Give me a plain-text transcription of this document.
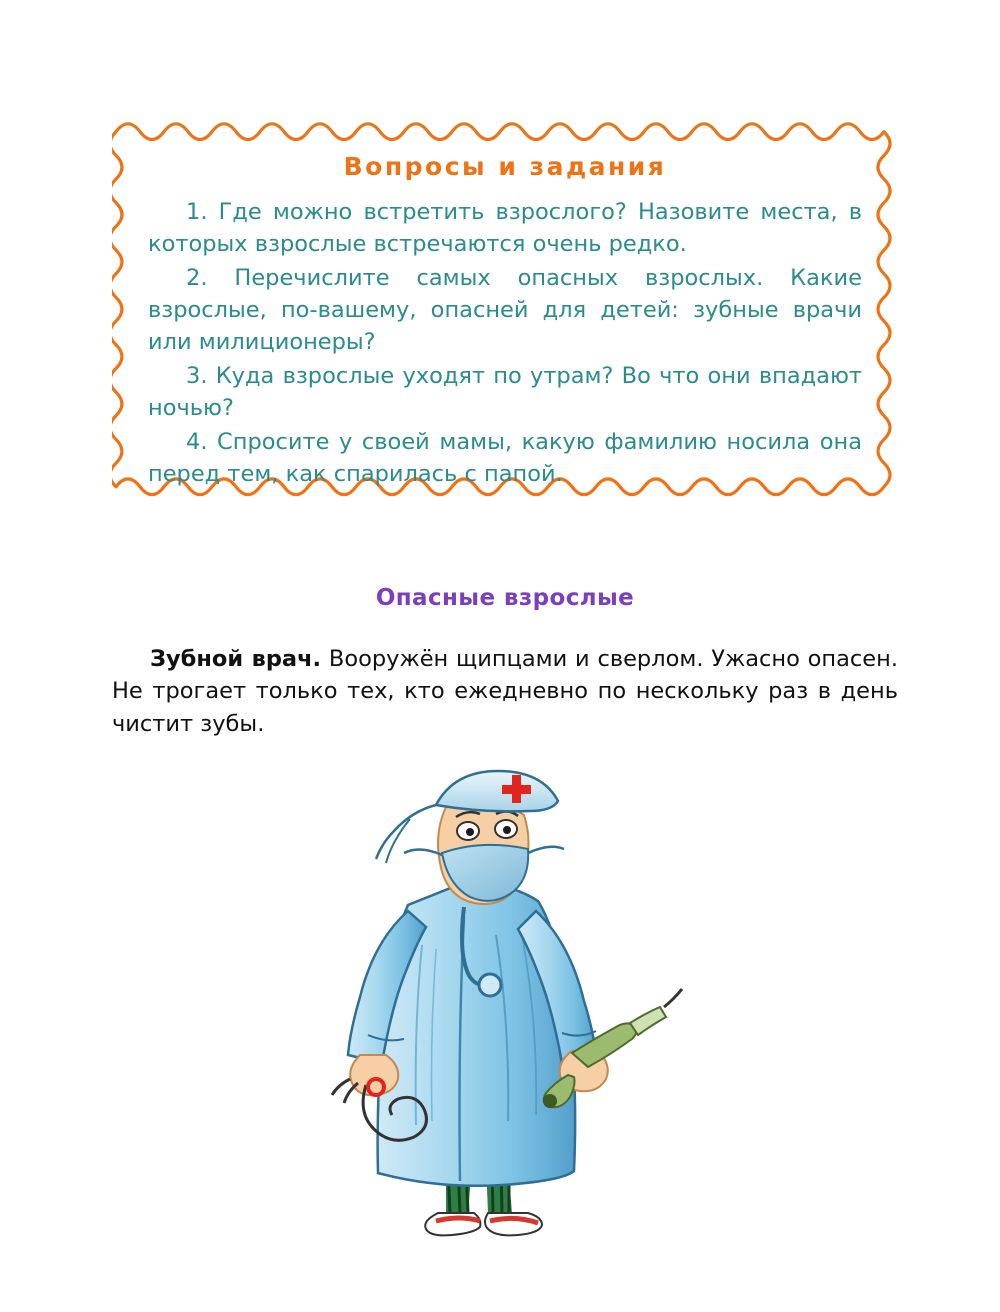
Вопросы и задания

1. Где можно встретить взрослого? Назовите места, в которых взрослые встречаются очень редко.

2. Перечислите самых опасных взрослых. Какие взрослые, по-вашему, опасней для детей: зубные врачи или милиционеры?

3. Куда взрослые уходят по утрам? Во что они впадают ночью?

4. Спросите у своей мамы, какую фамилию носила она перед тем, как спарилась с папой.

Опасные взрослые

Зубной врач. Вооружён щипцами и сверлом. Ужасно опасен. Не трогает только тех, кто ежедневно по нескольку раз в день чистит зубы.
